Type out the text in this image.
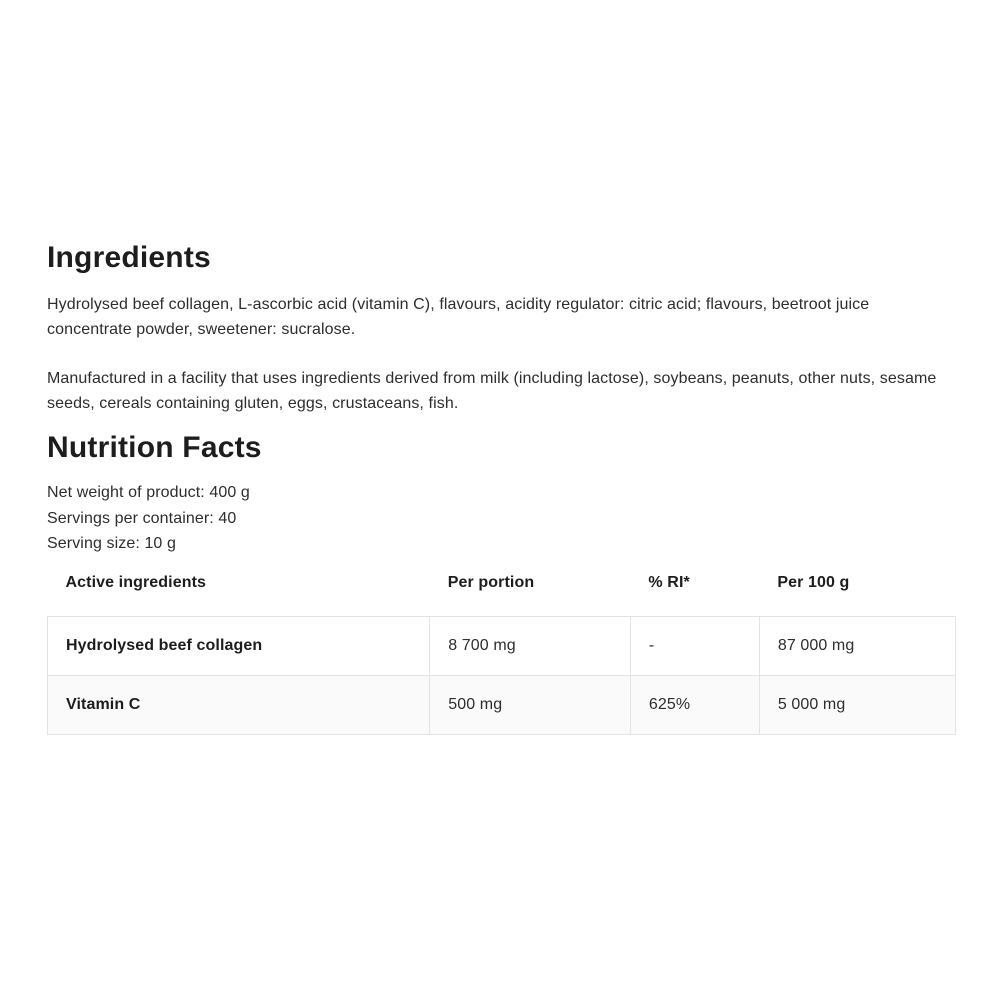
Ingredients

Hydrolysed beef collagen, L-ascorbic acid (vitamin C), flavours, acidity regulator: citric acid; flavours, beetroot juice concentrate powder, sweetener: sucralose.

Manufactured in a facility that uses ingredients derived from milk (including lactose), soybeans, peanuts, other nuts, sesame seeds, cereals containing gluten, eggs, crustaceans, fish.

Nutrition Facts
Net weight of product: 400 g
Servings per container: 40
Serving size: 10 g
Active ingredients	Per portion	% RI*	Per 100 g
Hydrolysed beef collagen	8 700 mg	-	87 000 mg
Vitamin C	500 mg	625%	5 000 mg
